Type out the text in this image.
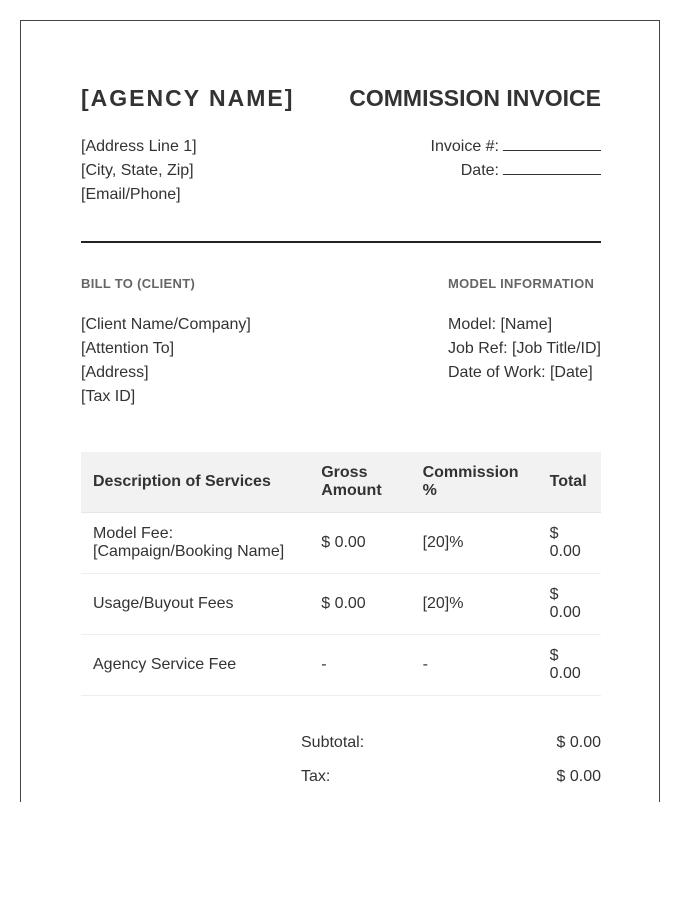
[AGENCY NAME] COMMISSION INVOICE
[Address Line 1]
[City, State, Zip]
[Email/Phone]
Invoice #:
Date:
BILL TO (CLIENT)
[Client Name/Company]
[Attention To]
[Address]
[Tax ID]
MODEL INFORMATION
Model: [Name]
Job Ref: [Job Title/ID]
Date of Work: [Date]
Description of Services	Gross Amount	Commission %	Total
Model Fee: [Campaign/Booking Name]	$ 0.00	[20]%	$ 0.00
Usage/Buyout Fees	$ 0.00	[20]%	$ 0.00
Agency Service Fee	-	-	$ 0.00
Subtotal:	$ 0.00
Tax:	$ 0.00
